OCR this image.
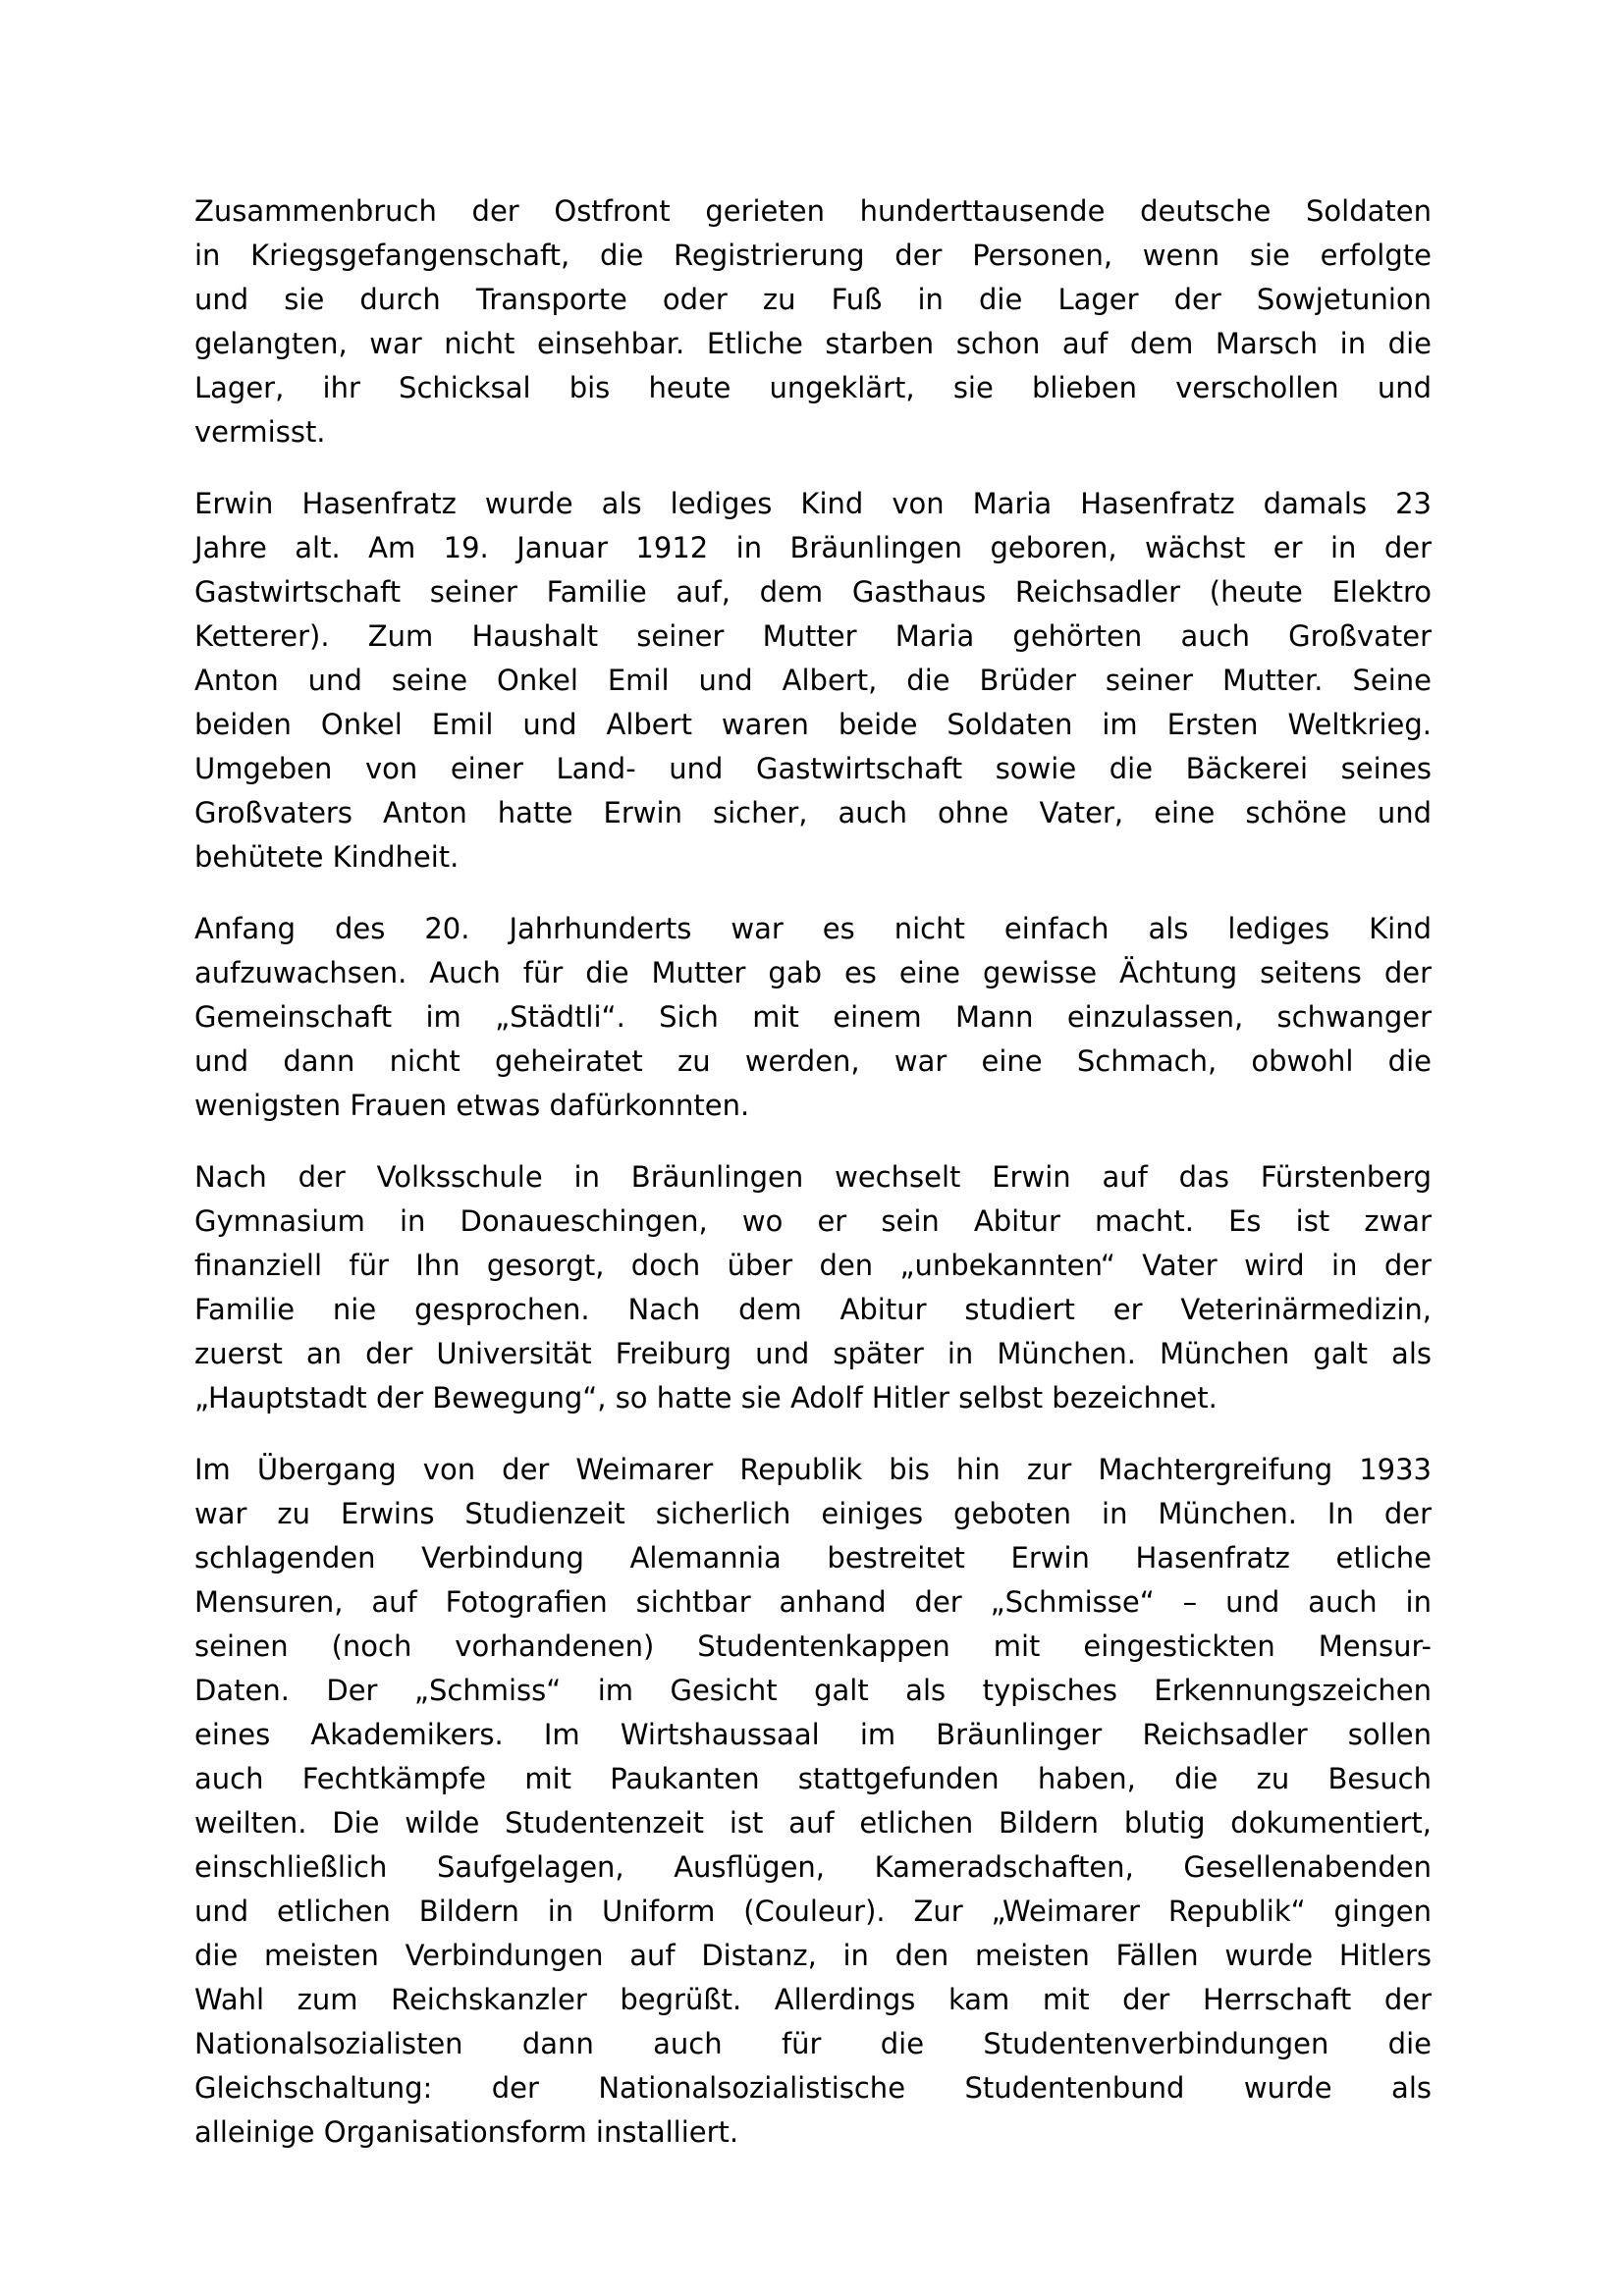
Zusammenbruch der Ostfront gerieten hunderttausende deutsche Soldaten
in Kriegsgefangenschaft, die Registrierung der Personen, wenn sie erfolgte
und sie durch Transporte oder zu Fuß in die Lager der Sowjetunion
gelangten, war nicht einsehbar. Etliche starben schon auf dem Marsch in die
Lager, ihr Schicksal bis heute ungeklärt, sie blieben verschollen und
vermisst.
Erwin Hasenfratz wurde als lediges Kind von Maria Hasenfratz damals 23
Jahre alt. Am 19. Januar 1912 in Bräunlingen geboren, wächst er in der
Gastwirtschaft seiner Familie auf, dem Gasthaus Reichsadler (heute Elektro
Ketterer). Zum Haushalt seiner Mutter Maria gehörten auch Großvater
Anton und seine Onkel Emil und Albert, die Brüder seiner Mutter. Seine
beiden Onkel Emil und Albert waren beide Soldaten im Ersten Weltkrieg.
Umgeben von einer Land- und Gastwirtschaft sowie die Bäckerei seines
Großvaters Anton hatte Erwin sicher, auch ohne Vater, eine schöne und
behütete Kindheit.
Anfang des 20. Jahrhunderts war es nicht einfach als lediges Kind
aufzuwachsen. Auch für die Mutter gab es eine gewisse Ächtung seitens der
Gemeinschaft im „Städtli“. Sich mit einem Mann einzulassen, schwanger
und dann nicht geheiratet zu werden, war eine Schmach, obwohl die
wenigsten Frauen etwas dafürkonnten.
Nach der Volksschule in Bräunlingen wechselt Erwin auf das Fürstenberg
Gymnasium in Donaueschingen, wo er sein Abitur macht. Es ist zwar
finanziell für Ihn gesorgt, doch über den „unbekannten“ Vater wird in der
Familie nie gesprochen. Nach dem Abitur studiert er Veterinärmedizin,
zuerst an der Universität Freiburg und später in München. München galt als
„Hauptstadt der Bewegung“, so hatte sie Adolf Hitler selbst bezeichnet.
Im Übergang von der Weimarer Republik bis hin zur Machtergreifung 1933
war zu Erwins Studienzeit sicherlich einiges geboten in München. In der
schlagenden Verbindung Alemannia bestreitet Erwin Hasenfratz etliche
Mensuren, auf Fotografien sichtbar anhand der „Schmisse“ – und auch in
seinen (noch vorhandenen) Studentenkappen mit eingestickten Mensur-
Daten. Der „Schmiss“ im Gesicht galt als typisches Erkennungszeichen
eines Akademikers. Im Wirtshaussaal im Bräunlinger Reichsadler sollen
auch Fechtkämpfe mit Paukanten stattgefunden haben, die zu Besuch
weilten. Die wilde Studentenzeit ist auf etlichen Bildern blutig dokumentiert,
einschließlich Saufgelagen, Ausflügen, Kameradschaften, Gesellenabenden
und etlichen Bildern in Uniform (Couleur). Zur „Weimarer Republik“ gingen
die meisten Verbindungen auf Distanz, in den meisten Fällen wurde Hitlers
Wahl zum Reichskanzler begrüßt. Allerdings kam mit der Herrschaft der
Nationalsozialisten dann auch für die Studentenverbindungen die
Gleichschaltung: der Nationalsozialistische Studentenbund wurde als
alleinige Organisationsform installiert.
